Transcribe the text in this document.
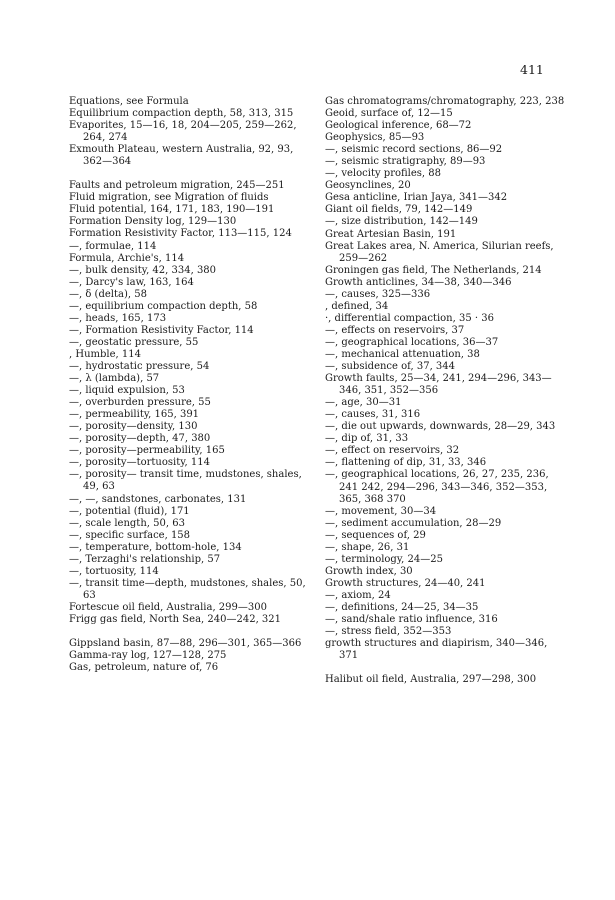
411
Equations, see Formula
Equilibrium compaction depth, 58, 313, 315
Evaporites, 15—16, 18, 204—205, 259—262, 264, 274
Exmouth Plateau, western Australia, 92, 93, 362—364
Faults and petroleum migration, 245—251
Fluid migration, see Migration of fluids
Fluid potential, 164, 171, 183, 190—191
Formation Density log, 129—130
Formation Resistivity Factor, 113—115, 124
—, formulae, 114
Formula, Archie's, 114
—, bulk density, 42, 334, 380
—, Darcy's law, 163, 164
—, δ (delta), 58
—, equilibrium compaction depth, 58
—, heads, 165, 173
—, Formation Resistivity Factor, 114
—, geostatic pressure, 55
, Humble, 114
—, hydrostatic pressure, 54
—, λ (lambda), 57
—, liquid expulsion, 53
—, overburden pressure, 55
—, permeability, 165, 391
—, porosity—density, 130
—, porosity—depth, 47, 380
—, porosity—permeability, 165
—, porosity—tortuosity, 114
—, porosity— transit time, mudstones, shales, 49, 63
—, —, sandstones, carbonates, 131
—, potential (fluid), 171
—, scale length, 50, 63
—, specific surface, 158
—, temperature, bottom-hole, 134
—, Terzaghi's relationship, 57
—, tortuosity, 114
—, transit time—depth, mudstones, shales, 50, 63
Fortescue oil field, Australia, 299—300
Frigg gas field, North Sea, 240—242, 321
Gippsland basin, 87—88, 296—301, 365—366
Gamma-ray log, 127—128, 275
Gas, petroleum, nature of, 76
Gas chromatograms/chromatography, 223, 238
Geoid, surface of, 12—15
Geological inference, 68—72
Geophysics, 85—93
—, seismic record sections, 86—92
—, seismic stratigraphy, 89—93
—, velocity profiles, 88
Geosynclines, 20
Gesa anticline, Irian Jaya, 341—342
Giant oil fields, 79, 142—149
—, size distribution, 142—149
Great Artesian Basin, 191
Great Lakes area, N. America, Silurian reefs, 259—262
Groningen gas field, The Netherlands, 214
Growth anticlines, 34—38, 340—346
—, causes, 325—336
, defined, 34
·, differential compaction, 35 · 36
—, effects on reservoirs, 37
—, geographical locations, 36—37
—, mechanical attenuation, 38
—, subsidence of, 37, 344
Growth faults, 25—34, 241, 294—296, 343—346, 351, 352—356
—, age, 30—31
—, causes, 31, 316
—, die out upwards, downwards, 28—29, 343
—, dip of, 31, 33
—, effect on reservoirs, 32
—, flattening of dip, 31, 33, 346
—, geographical locations, 26, 27, 235, 236, 241 242, 294—296, 343—346, 352—353, 365, 368 370
—, movement, 30—34
—, sediment accumulation, 28—29
—, sequences of, 29
—, shape, 26, 31
—, terminology, 24—25
Growth index, 30
Growth structures, 24—40, 241
—, axiom, 24
—, definitions, 24—25, 34—35
—, sand/shale ratio influence, 316
—, stress field, 352—353
growth structures and diapirism, 340—346, 371
Halibut oil field, Australia, 297—298, 300
